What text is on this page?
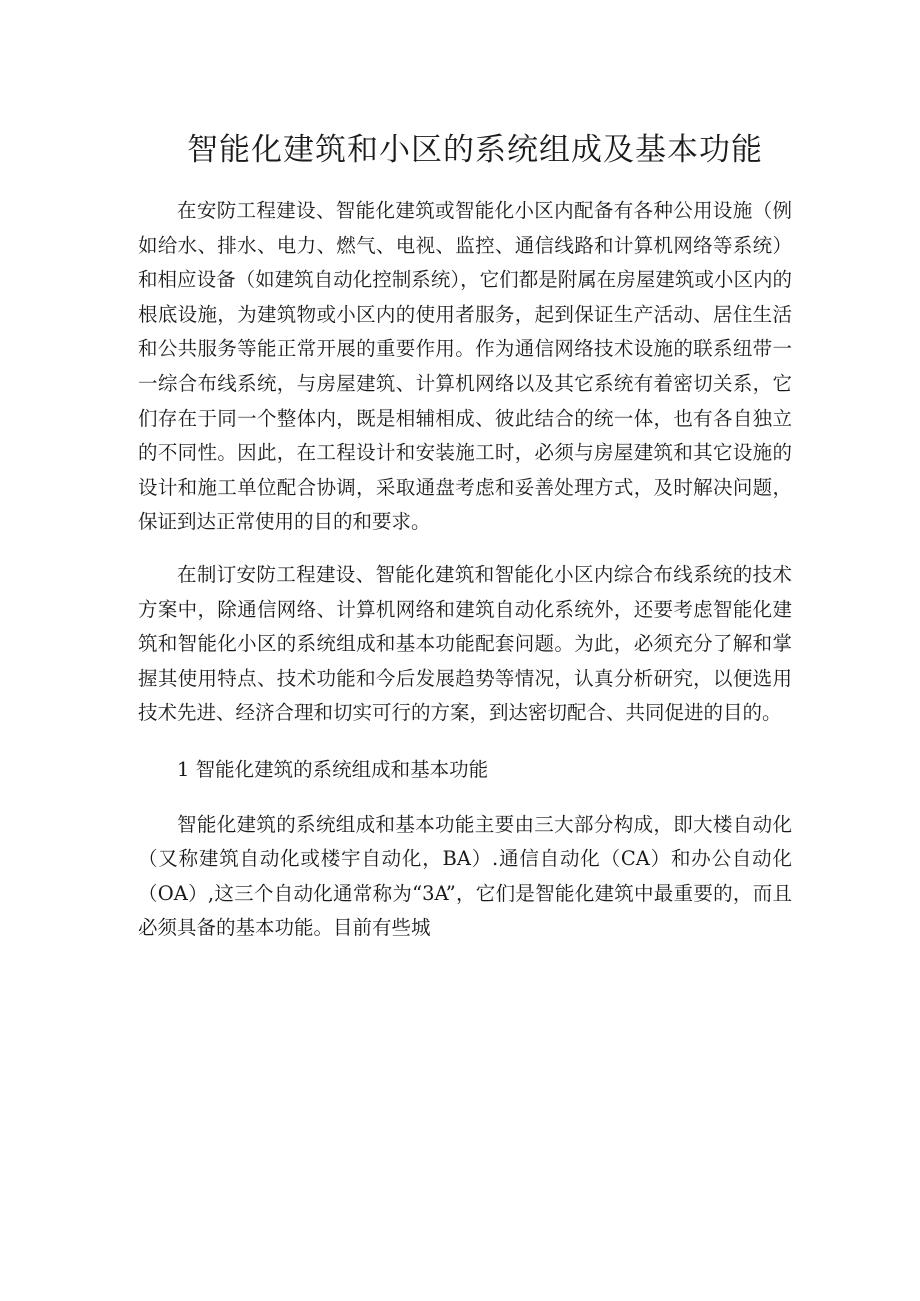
智能化建筑和小区的系统组成及基本功能

在安防工程建设、智能化建筑或智能化小区内配备有各种公用设施（例如给水、排水、电力、燃气、电视、监控、通信线路和计算机网络等系统）和相应设备（如建筑自动化控制系统），它们都是附属在房屋建筑或小区内的根底设施，为建筑物或小区内的使用者服务，起到保证生产活动、居住生活和公共服务等能正常开展的重要作用。作为通信网络技术设施的联系纽带一一综合布线系统，与房屋建筑、计算机网络以及其它系统有着密切关系，它们存在于同一个整体内，既是相辅相成、彼此结合的统一体，也有各自独立的不同性。因此，在工程设计和安装施工时，必须与房屋建筑和其它设施的设计和施工单位配合协调，采取通盘考虑和妥善处理方式，及时解决问题，保证到达正常使用的目的和要求。

在制订安防工程建设、智能化建筑和智能化小区内综合布线系统的技术方案中，除通信网络、计算机网络和建筑自动化系统外，还要考虑智能化建筑和智能化小区的系统组成和基本功能配套问题。为此，必须充分了解和掌握其使用特点、技术功能和今后发展趋势等情况，认真分析研究，以便选用技术先进、经济合理和切实可行的方案，到达密切配合、共同促进的目的。

1 智能化建筑的系统组成和基本功能

智能化建筑的系统组成和基本功能主要由三大部分构成，即大楼自动化（又称建筑自动化或楼宇自动化，BA）.通信自动化（CA）和办公自动化（OA）,这三个自动化通常称为“3A”，它们是智能化建筑中最重要的，而且必须具备的基本功能。目前有些城
